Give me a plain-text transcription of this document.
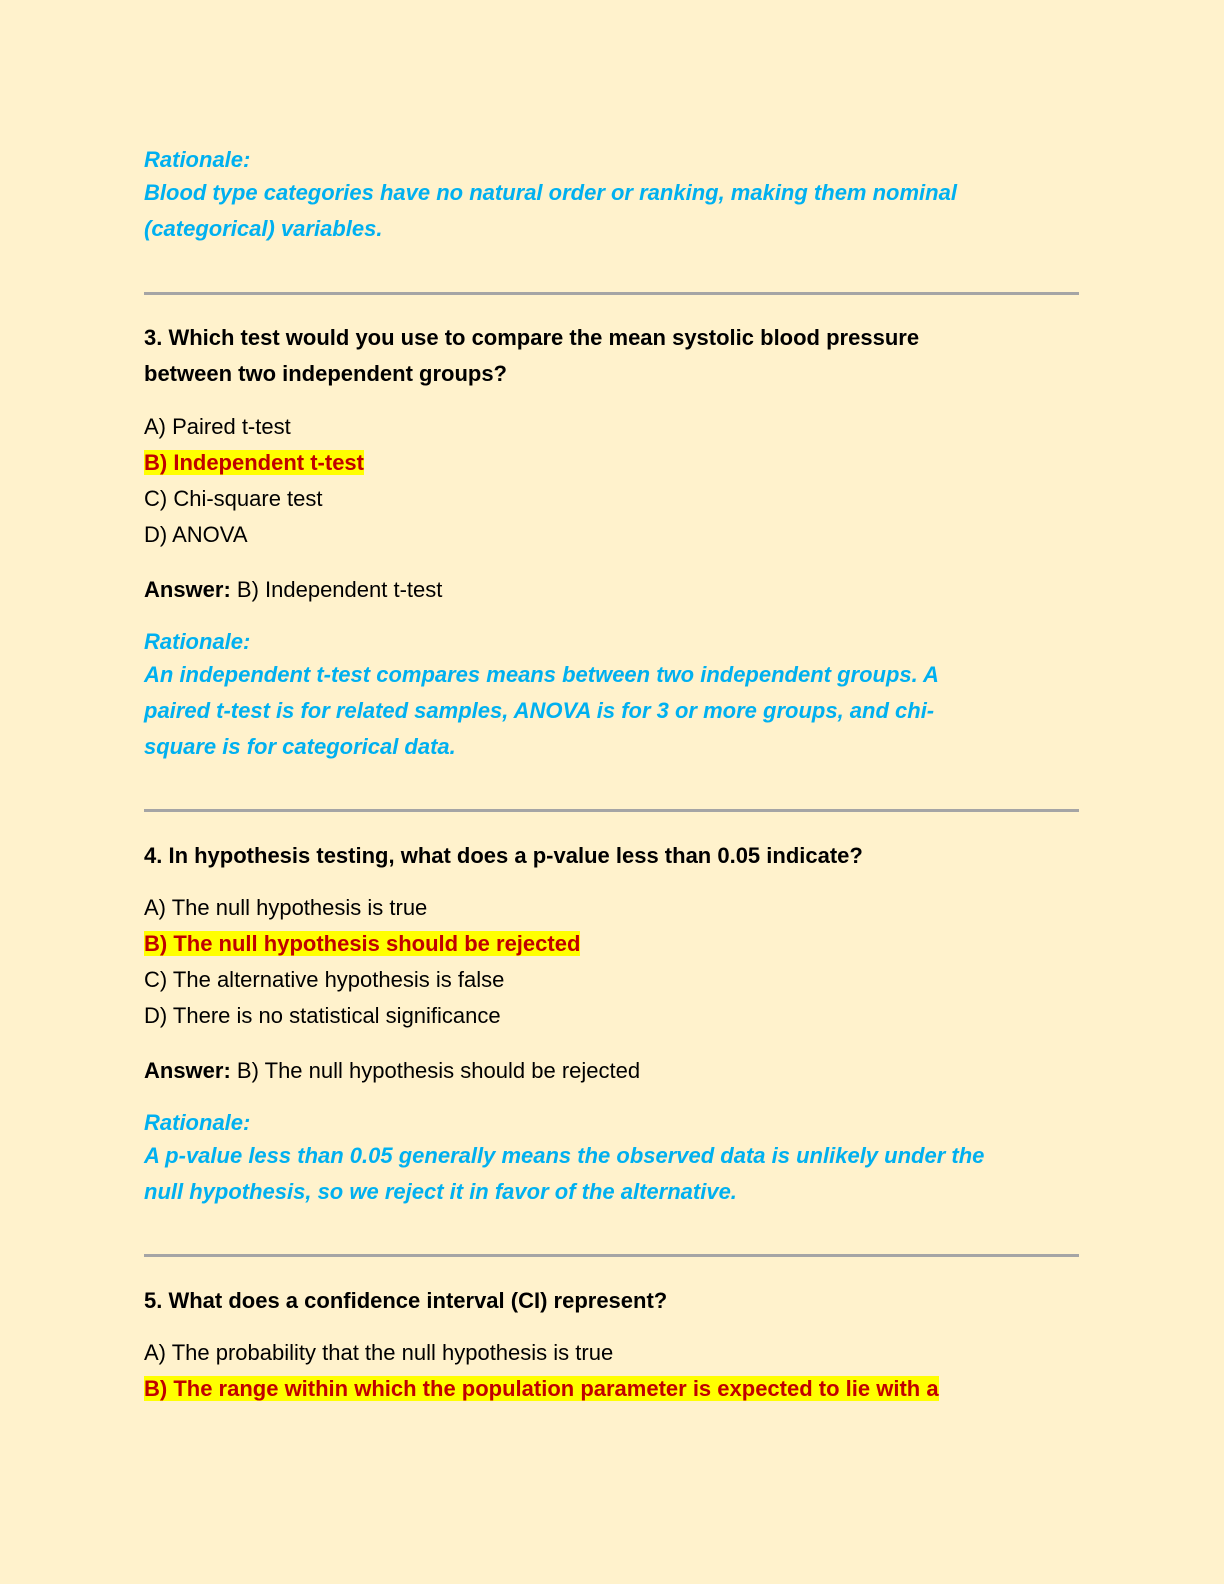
Rationale:
Blood type categories have no natural order or ranking, making them nominal
(categorical) variables.
3. Which test would you use to compare the mean systolic blood pressure
between two independent groups?
A) Paired t-test
B) Independent t-test
C) Chi-square test
D) ANOVA
Answer: B) Independent t-test
Rationale:
An independent t-test compares means between two independent groups. A
paired t-test is for related samples, ANOVA is for 3 or more groups, and chi-
square is for categorical data.
4. In hypothesis testing, what does a p-value less than 0.05 indicate?
A) The null hypothesis is true
B) The null hypothesis should be rejected
C) The alternative hypothesis is false
D) There is no statistical significance
Answer: B) The null hypothesis should be rejected
Rationale:
A p-value less than 0.05 generally means the observed data is unlikely under the
null hypothesis, so we reject it in favor of the alternative.
5. What does a confidence interval (CI) represent?
A) The probability that the null hypothesis is true
B) The range within which the population parameter is expected to lie with a
